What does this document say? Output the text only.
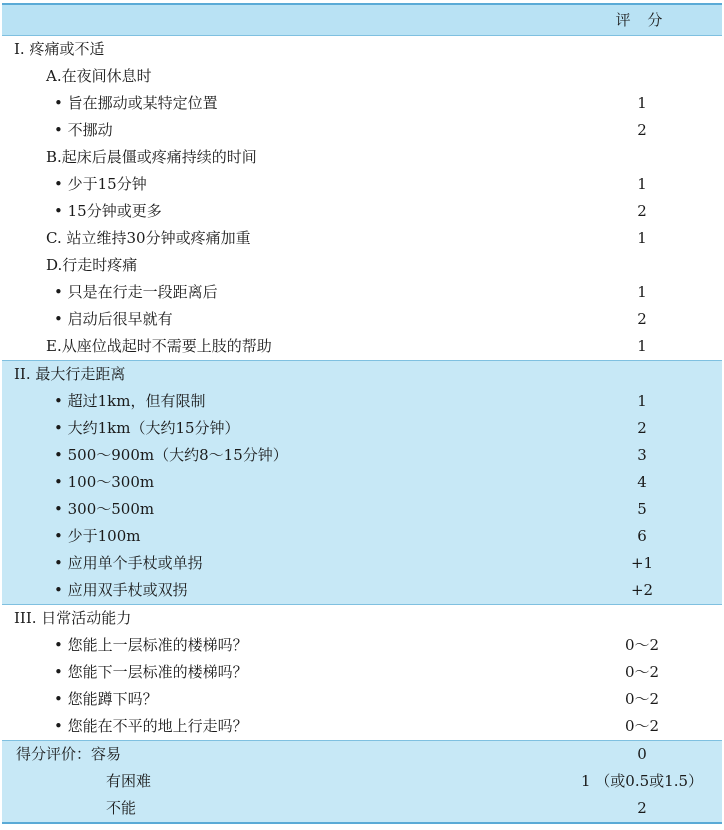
评 分
I. 疼痛或不适
A.在夜间休息时
• 旨在挪动或某特定位置	1
• 不挪动	2
B.起床后晨僵或疼痛持续的时间
• 少于15分钟	1
• 15分钟或更多	2
C. 站立维持30分钟或疼痛加重	1
D.行走时疼痛
• 只是在行走一段距离后	1
• 启动后很早就有	2
E.从座位战起时不需要上肢的帮助	1
II. 最大行走距离
• 超过1km，但有限制	1
• 大约1km（大约15分钟）	2
• 500～900m（大约8～15分钟）	3
• 100～300m	4
• 300～500m	5
• 少于100m	6
• 应用单个手杖或单拐	+1
• 应用双手杖或双拐	+2
III. 日常活动能力
• 您能上一层标准的楼梯吗？	0～2
• 您能下一层标准的楼梯吗？	0～2
• 您能蹲下吗？	0～2
• 您能在不平的地上行走吗？	0～2
得分评价：容易	0
有困难	1 （或0.5或1.5）
不能	2
